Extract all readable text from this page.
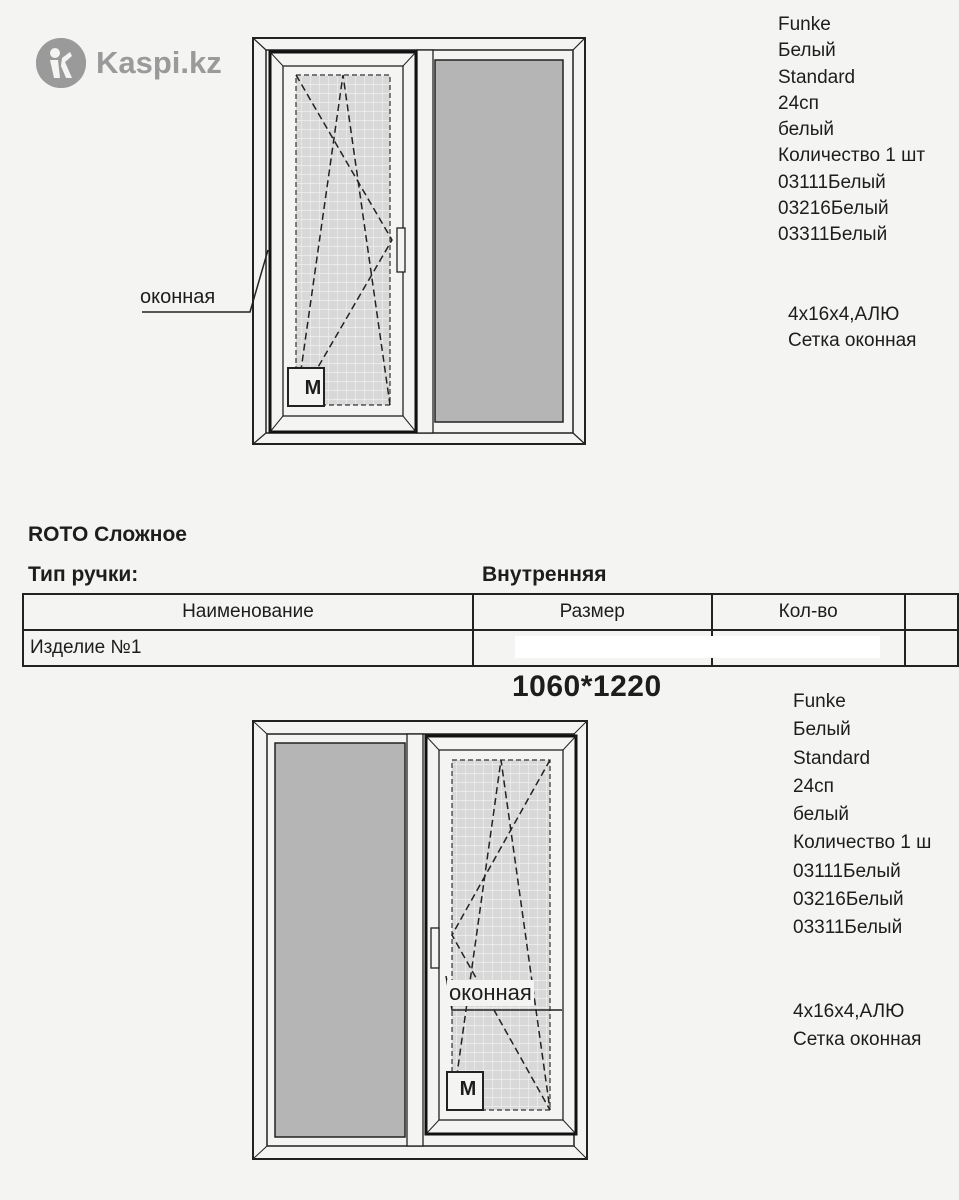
Kaspi.kz
М
оконная
Funke
Белый
Standard
24сп
белый
Количество 1 шт
03111Белый
03216Белый
03311Белый
4х16х4,АЛЮ
Сетка оконная
ROTO Сложное
Тип ручки:	Внутренняя
Наименование	Размер	Кол-во	
Изделие №1			
1060*1220
оконная
М
Funke
Белый
Standard
24сп
белый
Количество 1 ш
03111Белый
03216Белый
03311Белый
4х16х4,АЛЮ
Сетка оконная
